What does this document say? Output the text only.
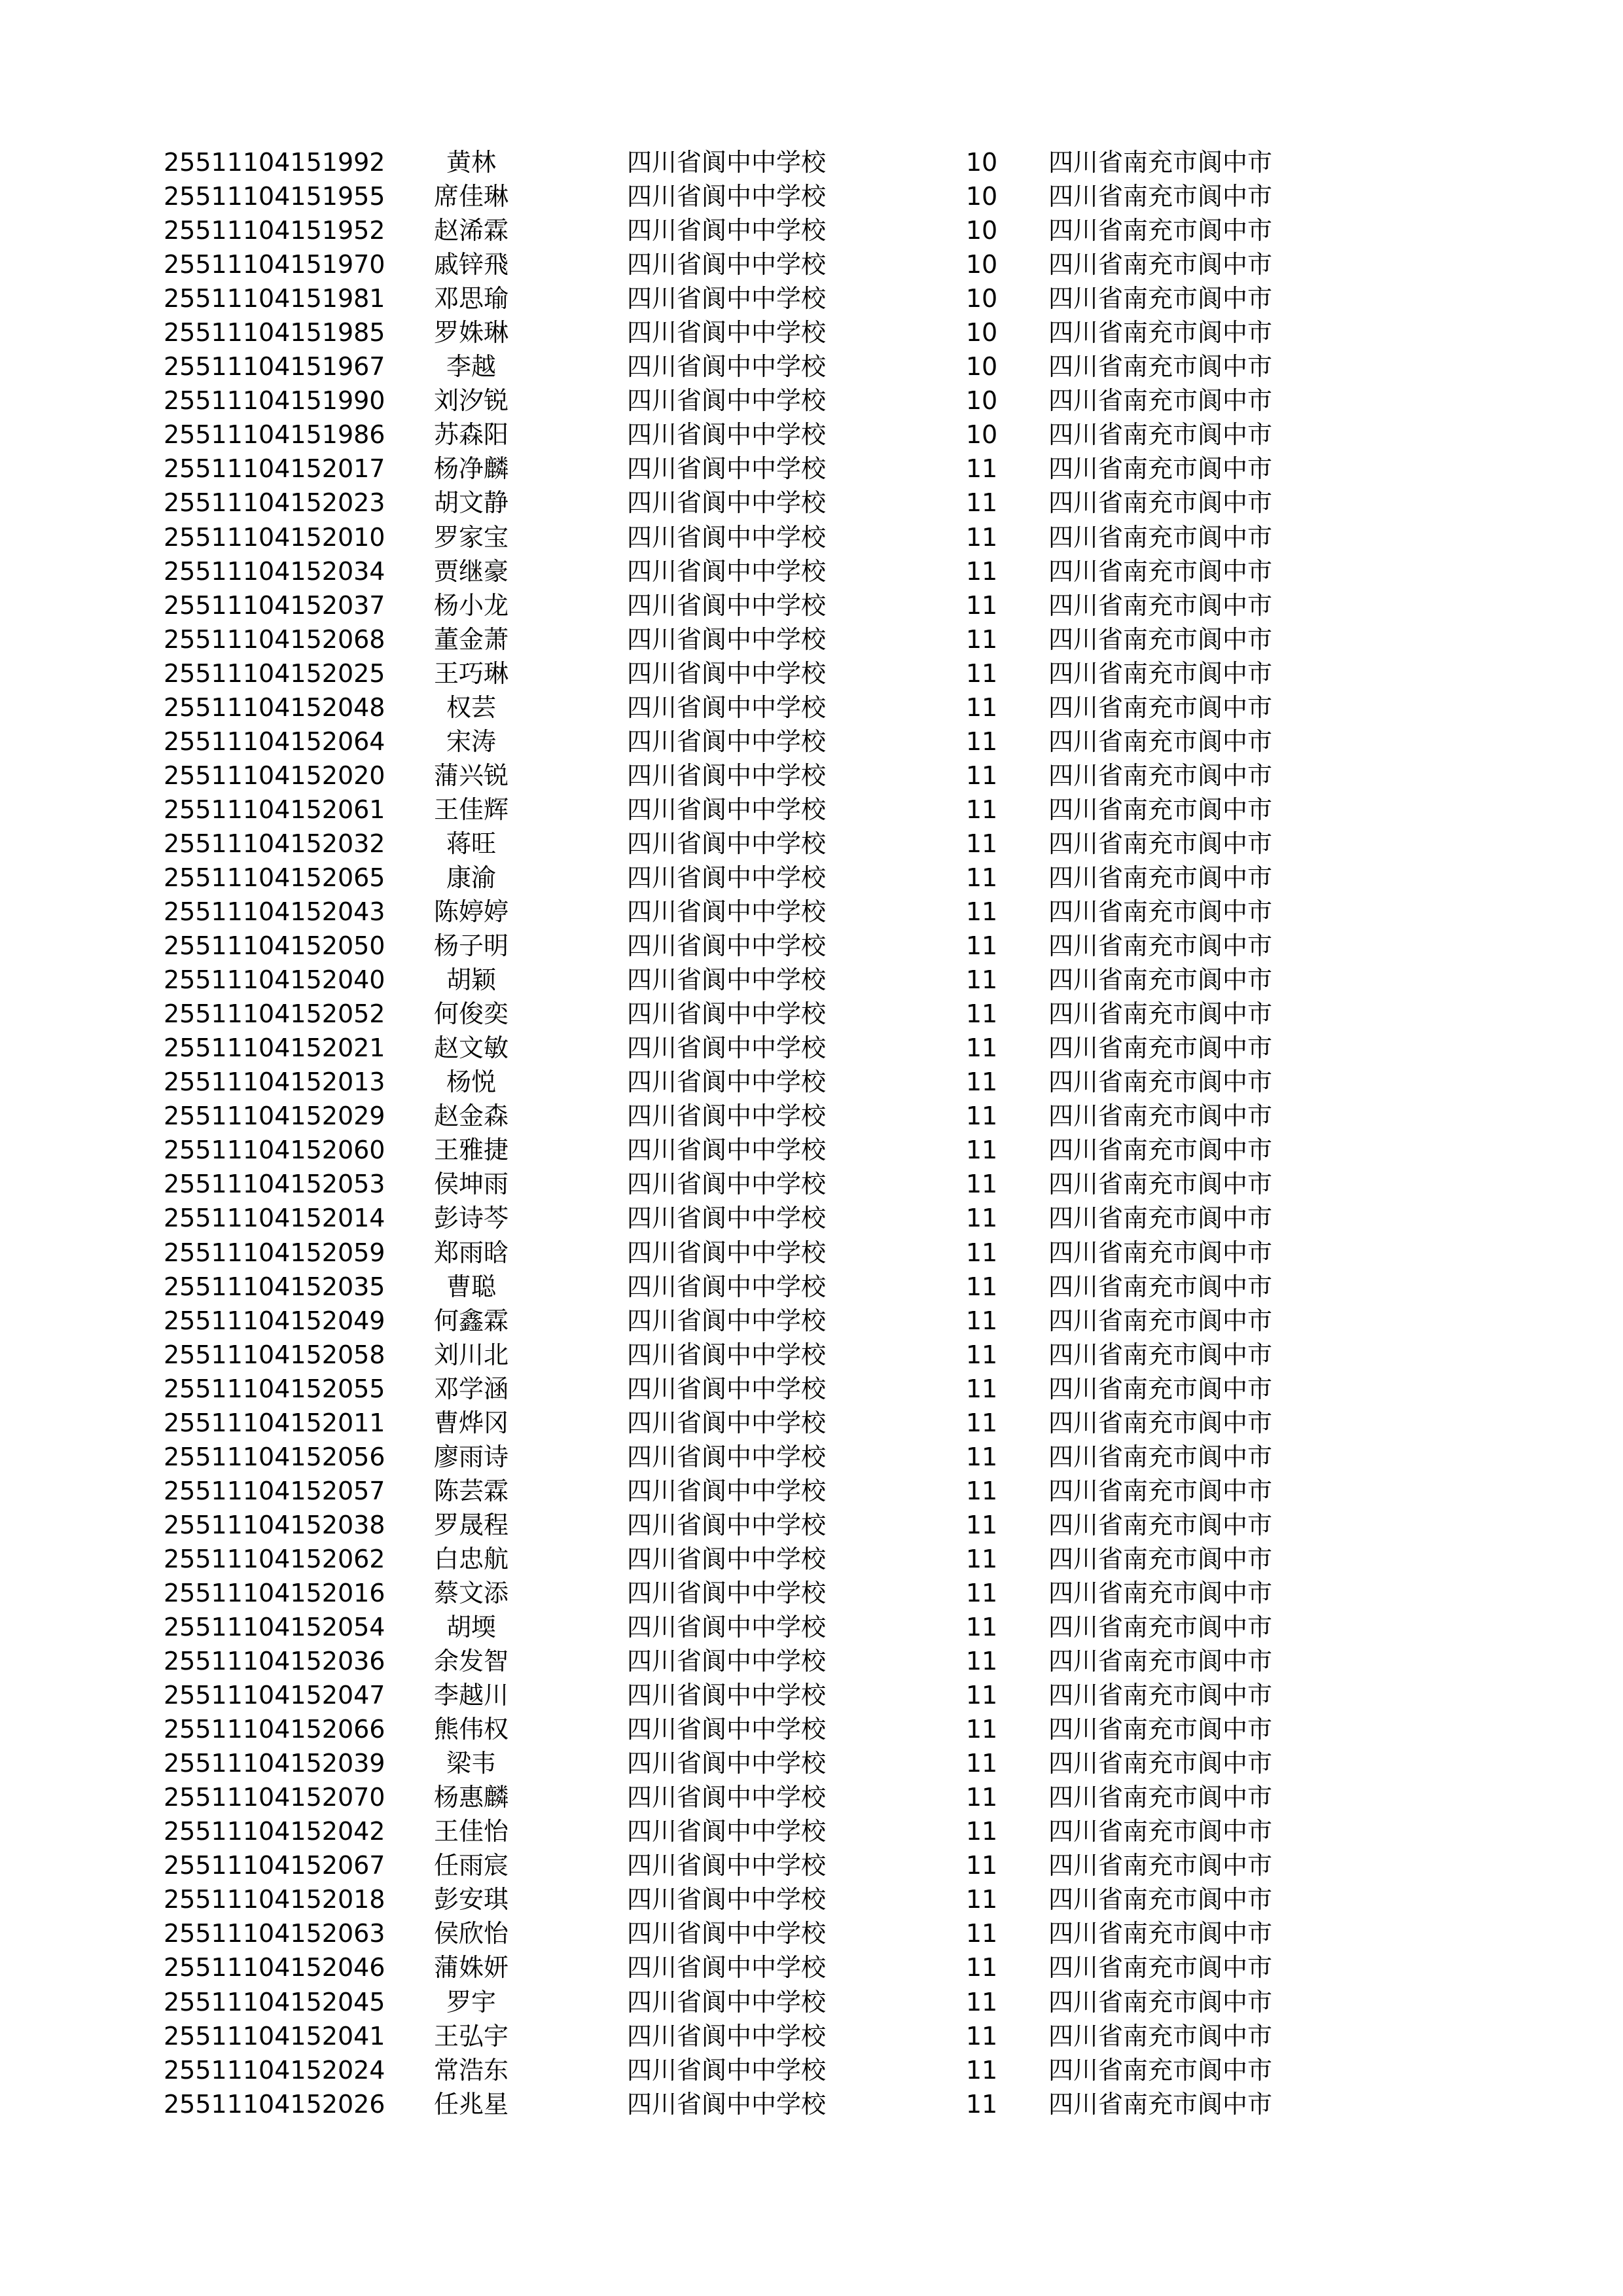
25511104151992	黄林	四川省阆中中学校	10	四川省南充市阆中市
25511104151955	席佳琳	四川省阆中中学校	10	四川省南充市阆中市
25511104151952	赵浠霖	四川省阆中中学校	10	四川省南充市阆中市
25511104151970	戚锌飛	四川省阆中中学校	10	四川省南充市阆中市
25511104151981	邓思瑜	四川省阆中中学校	10	四川省南充市阆中市
25511104151985	罗姝琳	四川省阆中中学校	10	四川省南充市阆中市
25511104151967	李越	四川省阆中中学校	10	四川省南充市阆中市
25511104151990	刘汐锐	四川省阆中中学校	10	四川省南充市阆中市
25511104151986	苏森阳	四川省阆中中学校	10	四川省南充市阆中市
25511104152017	杨净麟	四川省阆中中学校	11	四川省南充市阆中市
25511104152023	胡文静	四川省阆中中学校	11	四川省南充市阆中市
25511104152010	罗家宝	四川省阆中中学校	11	四川省南充市阆中市
25511104152034	贾继豪	四川省阆中中学校	11	四川省南充市阆中市
25511104152037	杨小龙	四川省阆中中学校	11	四川省南充市阆中市
25511104152068	董金萧	四川省阆中中学校	11	四川省南充市阆中市
25511104152025	王巧琳	四川省阆中中学校	11	四川省南充市阆中市
25511104152048	权芸	四川省阆中中学校	11	四川省南充市阆中市
25511104152064	宋涛	四川省阆中中学校	11	四川省南充市阆中市
25511104152020	蒲兴锐	四川省阆中中学校	11	四川省南充市阆中市
25511104152061	王佳辉	四川省阆中中学校	11	四川省南充市阆中市
25511104152032	蒋旺	四川省阆中中学校	11	四川省南充市阆中市
25511104152065	康渝	四川省阆中中学校	11	四川省南充市阆中市
25511104152043	陈婷婷	四川省阆中中学校	11	四川省南充市阆中市
25511104152050	杨子明	四川省阆中中学校	11	四川省南充市阆中市
25511104152040	胡颖	四川省阆中中学校	11	四川省南充市阆中市
25511104152052	何俊奕	四川省阆中中学校	11	四川省南充市阆中市
25511104152021	赵文敏	四川省阆中中学校	11	四川省南充市阆中市
25511104152013	杨悦	四川省阆中中学校	11	四川省南充市阆中市
25511104152029	赵金森	四川省阆中中学校	11	四川省南充市阆中市
25511104152060	王雅捷	四川省阆中中学校	11	四川省南充市阆中市
25511104152053	侯坤雨	四川省阆中中学校	11	四川省南充市阆中市
25511104152014	彭诗芩	四川省阆中中学校	11	四川省南充市阆中市
25511104152059	郑雨晗	四川省阆中中学校	11	四川省南充市阆中市
25511104152035	曹聪	四川省阆中中学校	11	四川省南充市阆中市
25511104152049	何鑫霖	四川省阆中中学校	11	四川省南充市阆中市
25511104152058	刘川北	四川省阆中中学校	11	四川省南充市阆中市
25511104152055	邓学涵	四川省阆中中学校	11	四川省南充市阆中市
25511104152011	曹烨冈	四川省阆中中学校	11	四川省南充市阆中市
25511104152056	廖雨诗	四川省阆中中学校	11	四川省南充市阆中市
25511104152057	陈芸霖	四川省阆中中学校	11	四川省南充市阆中市
25511104152038	罗晟程	四川省阆中中学校	11	四川省南充市阆中市
25511104152062	白忠航	四川省阆中中学校	11	四川省南充市阆中市
25511104152016	蔡文添	四川省阆中中学校	11	四川省南充市阆中市
25511104152054	胡堧	四川省阆中中学校	11	四川省南充市阆中市
25511104152036	余发智	四川省阆中中学校	11	四川省南充市阆中市
25511104152047	李越川	四川省阆中中学校	11	四川省南充市阆中市
25511104152066	熊伟权	四川省阆中中学校	11	四川省南充市阆中市
25511104152039	梁韦	四川省阆中中学校	11	四川省南充市阆中市
25511104152070	杨惠麟	四川省阆中中学校	11	四川省南充市阆中市
25511104152042	王佳怡	四川省阆中中学校	11	四川省南充市阆中市
25511104152067	任雨宸	四川省阆中中学校	11	四川省南充市阆中市
25511104152018	彭安琪	四川省阆中中学校	11	四川省南充市阆中市
25511104152063	侯欣怡	四川省阆中中学校	11	四川省南充市阆中市
25511104152046	蒲姝妍	四川省阆中中学校	11	四川省南充市阆中市
25511104152045	罗宇	四川省阆中中学校	11	四川省南充市阆中市
25511104152041	王弘宇	四川省阆中中学校	11	四川省南充市阆中市
25511104152024	常浩东	四川省阆中中学校	11	四川省南充市阆中市
25511104152026	任兆星	四川省阆中中学校	11	四川省南充市阆中市
